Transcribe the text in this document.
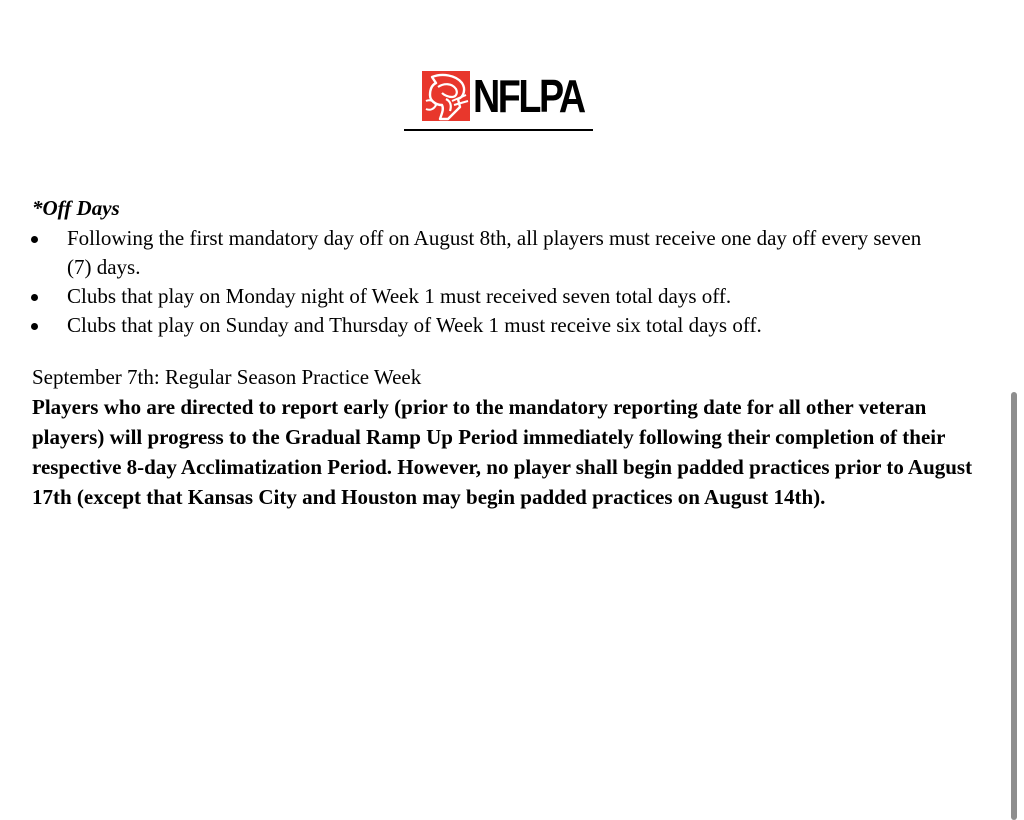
NFLPA

*Off Days

Following the first mandatory day off on August 8th, all players must receive one day off every seven (7) days.
Clubs that play on Monday night of Week 1 must received seven total days off.
Clubs that play on Sunday and Thursday of Week 1 must receive six total days off.

September 7th: Regular Season Practice Week

Players who are directed to report early (prior to the mandatory reporting date for all other veteran players) will progress to the Gradual Ramp Up Period immediately following their completion of their respective 8-day Acclimatization Period. However, no player shall begin padded practices prior to August 17th (except that Kansas City and Houston may begin padded practices on August 14th).
